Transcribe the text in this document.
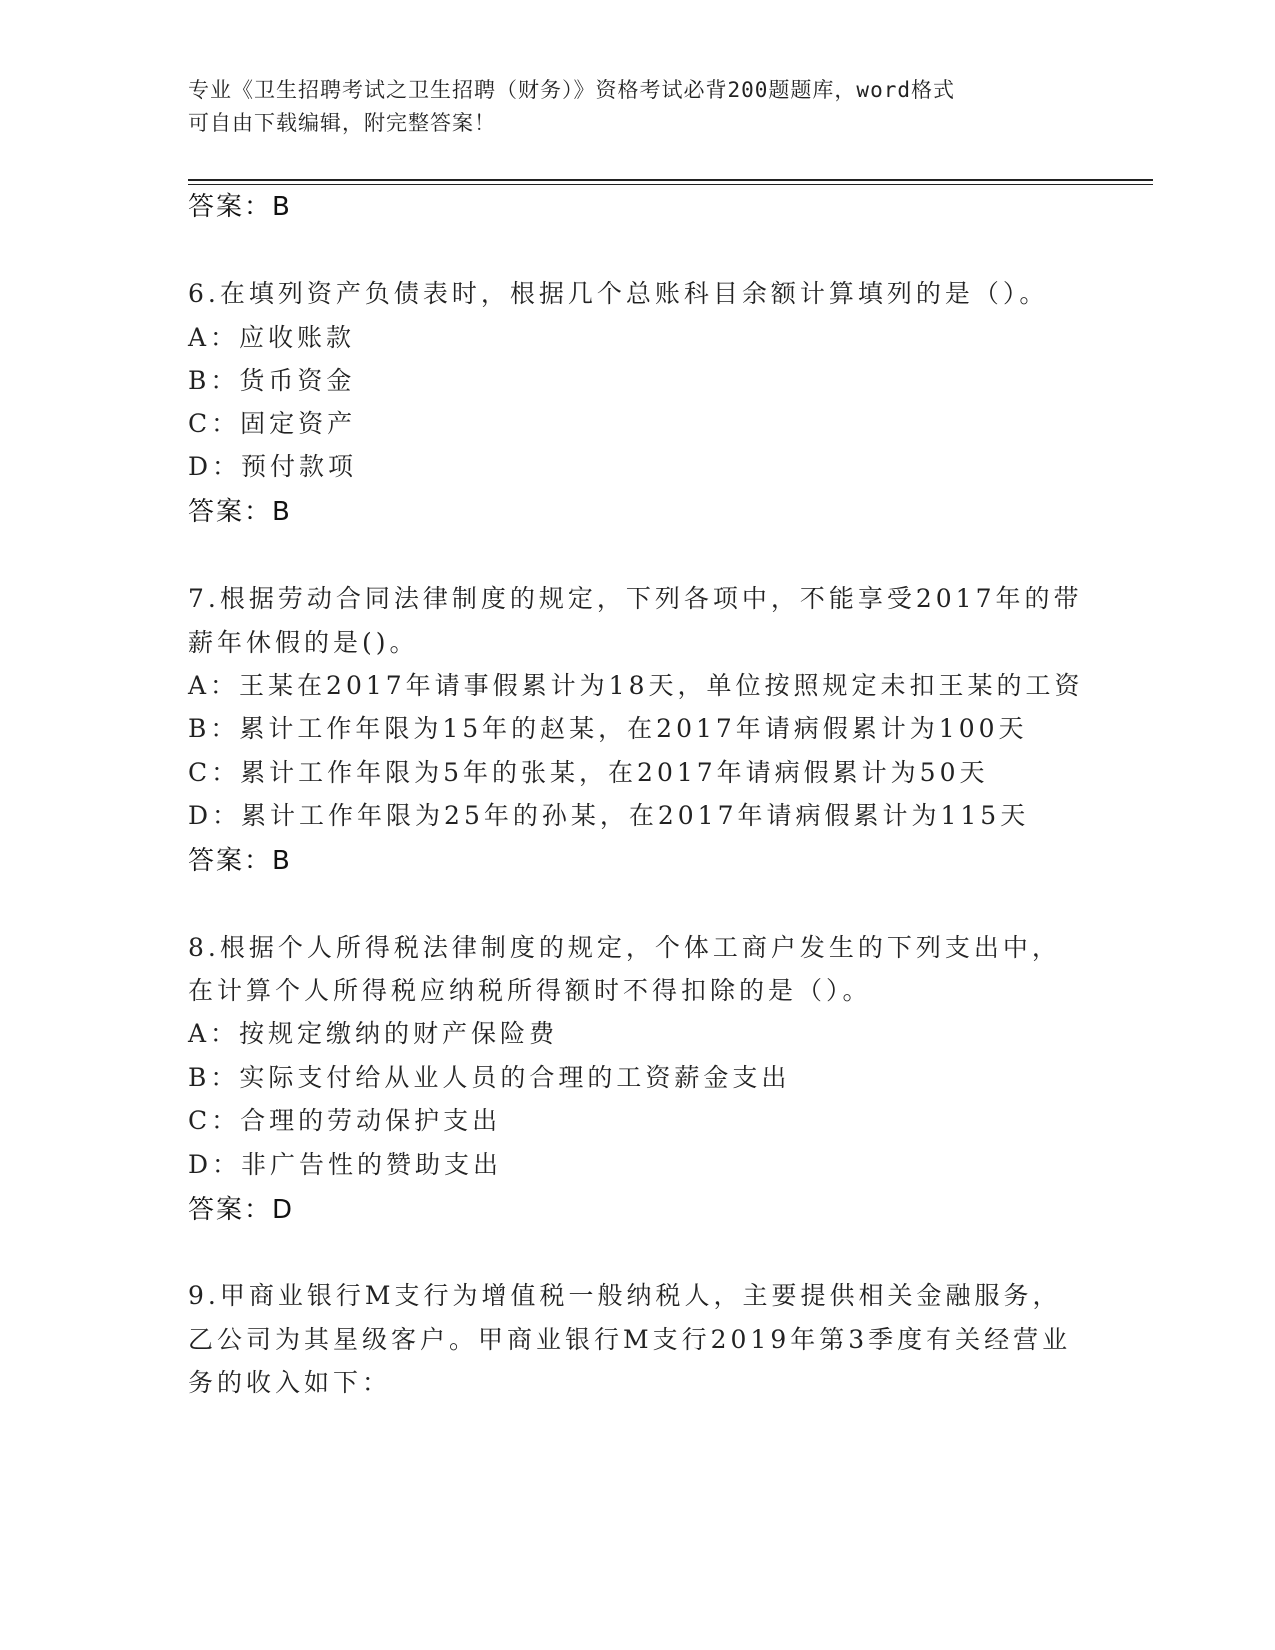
专业《卫生招聘考试之卫生招聘（财务）》资格考试必背200题题库，word格式
可自由下载编辑，附完整答案！
答案：B
6.在填列资产负债表时，根据几个总账科目余额计算填列的是（）。
A：应收账款
B：货币资金
C：固定资产
D：预付款项
答案：B
7.根据劳动合同法律制度的规定，下列各项中，不能享受2017年的带
薪年休假的是()。
A：王某在2017年请事假累计为18天，单位按照规定未扣王某的工资
B：累计工作年限为15年的赵某，在2017年请病假累计为100天
C：累计工作年限为5年的张某，在2017年请病假累计为50天
D：累计工作年限为25年的孙某，在2017年请病假累计为115天
答案：B
8.根据个人所得税法律制度的规定，个体工商户发生的下列支出中，
在计算个人所得税应纳税所得额时不得扣除的是（）。
A：按规定缴纳的财产保险费
B：实际支付给从业人员的合理的工资薪金支出
C：合理的劳动保护支出
D：非广告性的赞助支出
答案：D
9.甲商业银行M支行为增值税一般纳税人，主要提供相关金融服务，
乙公司为其星级客户。甲商业银行M支行2019年第3季度有关经营业
务的收入如下：
